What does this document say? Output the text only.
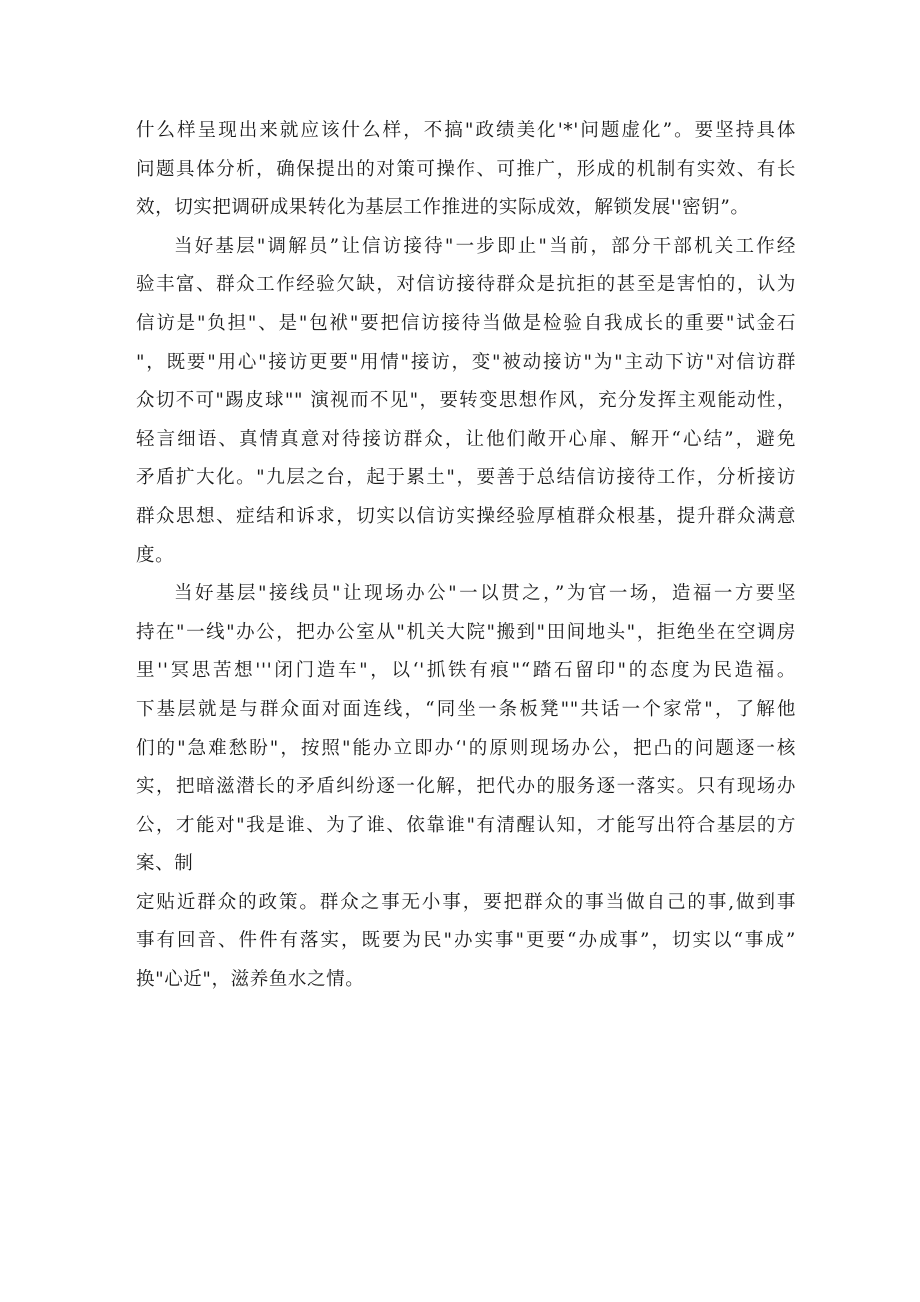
什么样呈现出来就应该什么样，不搞"政绩美化'*'问题虚化”。要坚持具体
问题具体分析，确保提出的对策可操作、可推广，形成的机制有实效、有长
效，切实把调研成果转化为基层工作推进的实际成效，解锁发展''密钥”。
当好基层"调解员”让信访接待"一步即止"当前，部分干部机关工作经
验丰富、群众工作经验欠缺，对信访接待群众是抗拒的甚至是害怕的，认为
信访是"负担"、是"包袱"要把信访接待当做是检验自我成长的重要"试金石
"，既要"用心"接访更要"用情"接访，变"被动接访"为"主动下访"对信访群
众切不可"踢皮球"" 演视而不见"，要转变思想作风，充分发挥主观能动性，
轻言细语、真情真意对待接访群众，让他们敞开心扉、解开“心结”，避免
矛盾扩大化。"九层之台，起于累土"，要善于总结信访接待工作，分析接访
群众思想、症结和诉求，切实以信访实操经验厚植群众根基，提升群众满意
度。
当好基层"接线员"让现场办公"一以贯之，”为官一场，造福一方要坚
持在"一线"办公，把办公室从"机关大院"搬到"田间地头"，拒绝坐在空调房
里''冥思苦想'''闭门造车"，以‘'抓铁有痕"“踏石留印"的态度为民造福。
下基层就是与群众面对面连线，“同坐一条板凳""共话一个家常"，了解他
们的"急难愁盼"，按照"能办立即办‘'的原则现场办公，把凸的问题逐一核
实，把暗滋潜长的矛盾纠纷逐一化解，把代办的服务逐一落实。只有现场办
公，才能对"我是谁、为了谁、依靠谁"有清醒认知，才能写出符合基层的方
案、制
定贴近群众的政策。群众之事无小事，要把群众的事当做自己的事,做到事
事有回音、件件有落实，既要为民"办实事"更要“办成事”，切实以“事成”
换"心近"，滋养鱼水之情。
